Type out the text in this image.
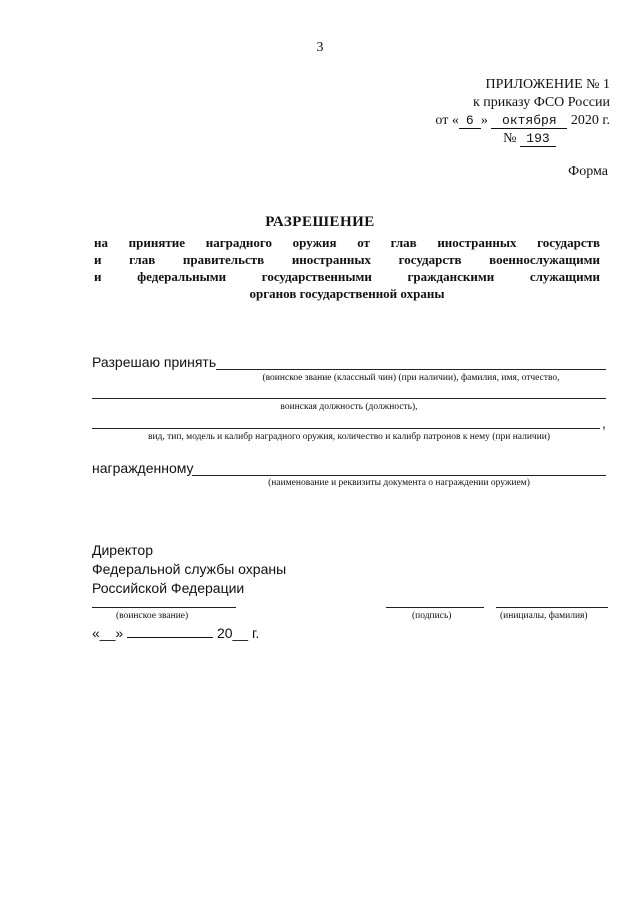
3
ПРИЛОЖЕНИЕ № 1
к приказу ФСО России
от « 6 » октября 2020 г.
№ 193
Форма
РАЗРЕШЕНИЕ
на принятие наградного оружия от глав иностранных государств
и глав правительств иностранных государств военнослужащими
и федеральными государственными гражданскими служащими
органов государственной охраны
Разрешаю принять
(воинское звание (классный чин) (при наличии), фамилия, имя, отчество,
воинская должность (должность),
,
вид, тип, модель и калибр наградного оружия, количество и калибр патронов к нему (при наличии)
награжденному
(наименование и реквизиты документа о награждении оружием)
Директор
Федеральной службы охраны
Российской Федерации
(воинское звание)	(подпись)	(инициалы, фамилия)
«__»	20__ г.
